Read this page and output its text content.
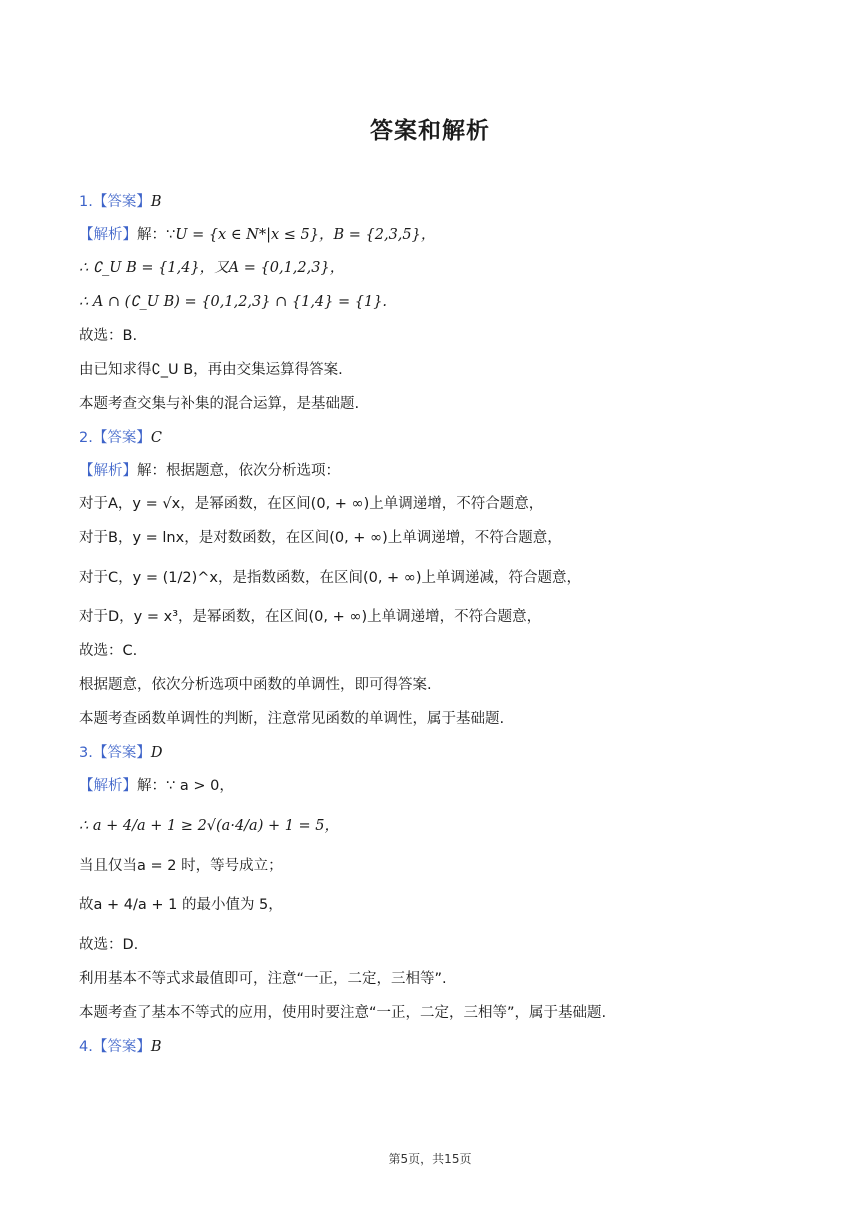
答案和解析
1.【答案】B
【解析】解：∵U = {x ∈ N*|x ≤ 5}，B = {2,3,5}，
∴ ∁_U B = {1,4}，又A = {0,1,2,3}，
∴ A ∩ (∁_U B) = {0,1,2,3} ∩ {1,4} = {1}.
故选：B.
由已知求得∁_U B，再由交集运算得答案.
本题考查交集与补集的混合运算，是基础题.
2.【答案】C
【解析】解：根据题意，依次分析选项：
对于A，y = √x，是幂函数，在区间(0, + ∞)上单调递增，不符合题意，
对于B，y = lnx，是对数函数，在区间(0, + ∞)上单调递增，不符合题意，
对于C，y = (1/2)^x，是指数函数，在区间(0, + ∞)上单调递减，符合题意，
对于D，y = x³，是幂函数，在区间(0, + ∞)上单调递增，不符合题意，
故选：C.
根据题意，依次分析选项中函数的单调性，即可得答案.
本题考查函数单调性的判断，注意常见函数的单调性，属于基础题.
3.【答案】D
【解析】解：∵ a > 0，
∴ a + 4/a + 1 ≥ 2√(a·4/a) + 1 = 5，
当且仅当a = 2 时，等号成立；
故a + 4/a + 1 的最小值为 5，
故选：D.
利用基本不等式求最值即可，注意“一正，二定，三相等”.
本题考查了基本不等式的应用，使用时要注意“一正，二定，三相等”，属于基础题.
4.【答案】B
第5页，共15页
